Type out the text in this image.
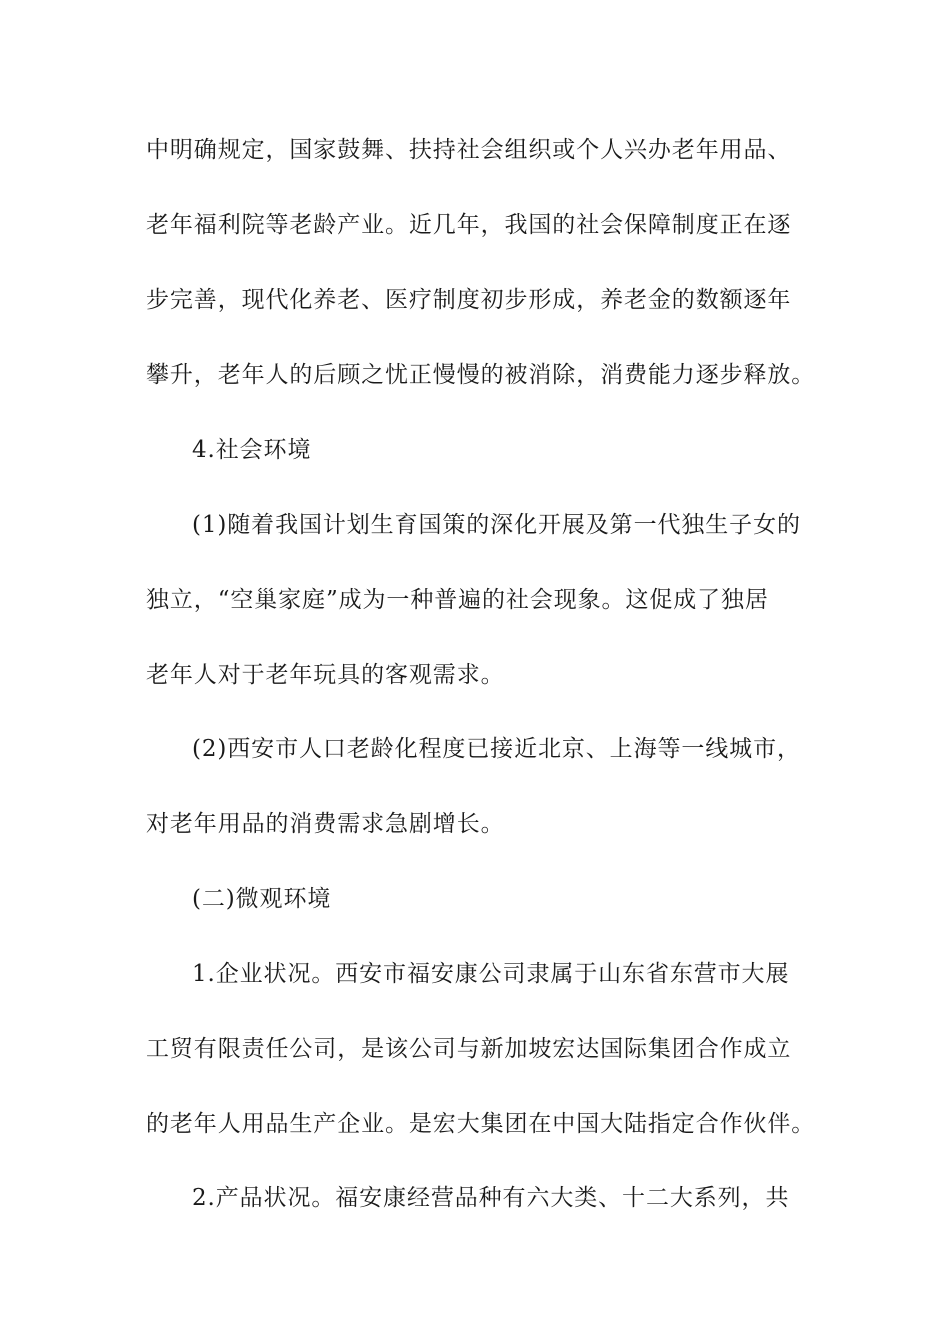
中明确规定，国家鼓舞、扶持社会组织或个人兴办老年用品、
老年福利院等老龄产业。近几年，我国的社会保障制度正在逐
步完善，现代化养老、医疗制度初步形成，养老金的数额逐年
攀升，老年人的后顾之忧正慢慢的被消除，消费能力逐步释放。
4.社会环境
(1)随着我国计划生育国策的深化开展及第一代独生子女的
独立，“空巢家庭”成为一种普遍的社会现象。这促成了独居
老年人对于老年玩具的客观需求。
(2)西安市人口老龄化程度已接近北京、上海等一线城市，
对老年用品的消费需求急剧增长。
(二)微观环境
1.企业状况。西安市福安康公司隶属于山东省东营市大展
工贸有限责任公司，是该公司与新加坡宏达国际集团合作成立
的老年人用品生产企业。是宏大集团在中国大陆指定合作伙伴。
2.产品状况。福安康经营品种有六大类、十二大系列，共
